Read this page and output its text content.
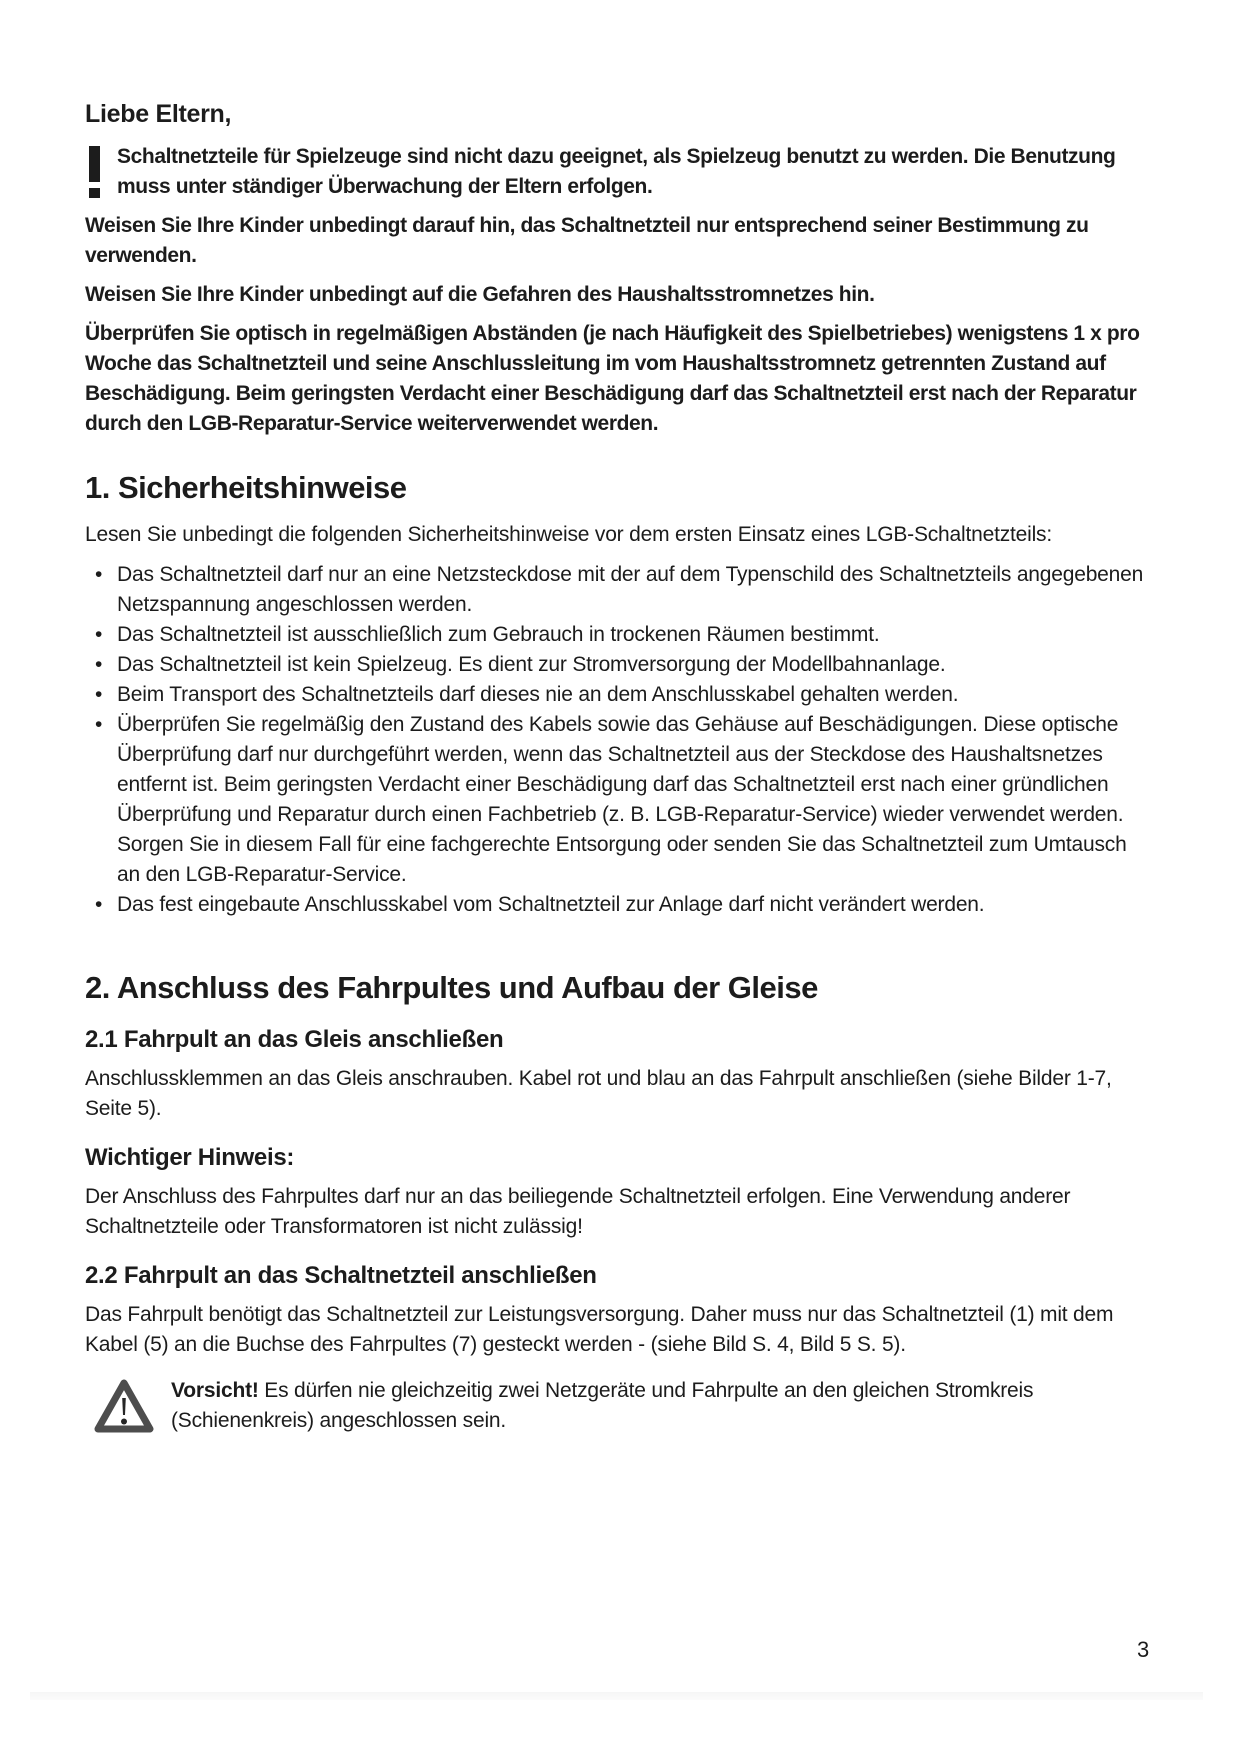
Liebe Eltern,

Schaltnetzteile für Spielzeuge sind nicht dazu geeignet, als Spielzeug benutzt zu werden. Die Benutzung muss unter ständiger Überwachung der Eltern erfolgen.

Weisen Sie Ihre Kinder unbedingt darauf hin, das Schaltnetzteil nur entsprechend seiner Bestimmung zu verwenden.

Weisen Sie Ihre Kinder unbedingt auf die Gefahren des Haushaltsstromnetzes hin.

Überprüfen Sie optisch in regelmäßigen Abständen (je nach Häufigkeit des Spielbetriebes) wenigstens 1 x pro Woche das Schaltnetzteil und seine Anschlussleitung im vom Haushaltsstromnetz getrennten Zustand auf Beschädigung. Beim geringsten Verdacht einer Beschädigung darf das Schaltnetzteil erst nach der Reparatur durch den LGB-Reparatur-Service weiterverwendet werden.

1. Sicherheitshinweise

Lesen Sie unbedingt die folgenden Sicherheitshinweise vor dem ersten Einsatz eines LGB-Schaltnetzteils:

• Das Schaltnetzteil darf nur an eine Netzsteckdose mit der auf dem Typenschild des Schaltnetzteils angegebenen Netzspannung angeschlossen werden.
• Das Schaltnetzteil ist ausschließlich zum Gebrauch in trockenen Räumen bestimmt.
• Das Schaltnetzteil ist kein Spielzeug. Es dient zur Stromversorgung der Modellbahnanlage.
• Beim Transport des Schaltnetzteils darf dieses nie an dem Anschlusskabel gehalten werden.
• Überprüfen Sie regelmäßig den Zustand des Kabels sowie das Gehäuse auf Beschädigungen. Diese optische Überprüfung darf nur durchgeführt werden, wenn das Schaltnetzteil aus der Steckdose des Haushaltsnetzes entfernt ist. Beim geringsten Verdacht einer Beschädigung darf das Schaltnetzteil erst nach einer gründlichen Überprüfung und Reparatur durch einen Fachbetrieb (z. B. LGB-Reparatur-Service) wieder verwendet werden. Sorgen Sie in diesem Fall für eine fachgerechte Entsorgung oder senden Sie das Schaltnetzteil zum Umtausch an den LGB-Reparatur-Service.
• Das fest eingebaute Anschlusskabel vom Schaltnetzteil zur Anlage darf nicht verändert werden.
2. Anschluss des Fahrpultes und Aufbau der Gleise
2.1 Fahrpult an das Gleis anschließen

Anschlussklemmen an das Gleis anschrauben. Kabel rot und blau an das Fahrpult anschließen (siehe Bilder 1-7, Seite 5).

Wichtiger Hinweis:

Der Anschluss des Fahrpultes darf nur an das beiliegende Schaltnetzteil erfolgen. Eine Verwendung anderer Schaltnetzteile oder Transformatoren ist nicht zulässig!

2.2 Fahrpult an das Schaltnetzteil anschließen

Das Fahrpult benötigt das Schaltnetzteil zur Leistungsversorgung. Daher muss nur das Schaltnetzteil (1) mit dem Kabel (5) an die Buchse des Fahrpultes (7) gesteckt werden - (siehe Bild S. 4, Bild 5 S. 5).

Vorsicht! Es dürfen nie gleichzeitig zwei Netzgeräte und Fahrpulte an den gleichen Stromkreis (Schienenkreis) angeschlossen sein.

3
